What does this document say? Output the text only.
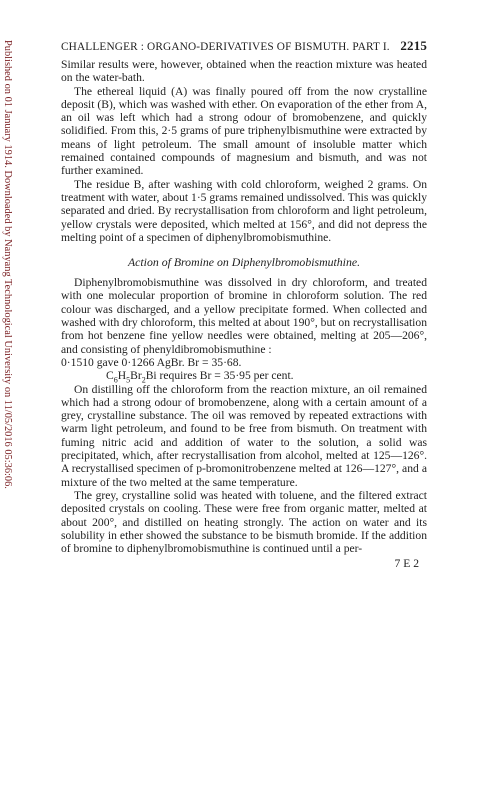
Published on 01 January 1914. Downloaded by Nanyang Technological University on 11/05/2016 05:36:06.	CHALLENGER : ORGANO-DERIVATIVES OF BISMUTH. PART I. 2215

Similar results were, however, obtained when the reaction mixture was heated on the water-bath.

The ethereal liquid (A) was finally poured off from the now crystalline deposit (B), which was washed with ether. On evaporation of the ether from A, an oil was left which had a strong odour of bromobenzene, and quickly solidified. From this, 2·5 grams of pure triphenylbismuthine were extracted by means of light petroleum. The small amount of insoluble matter which remained contained compounds of magnesium and bismuth, and was not further examined.

The residue B, after washing with cold chloroform, weighed 2 grams. On treatment with water, about 1·5 grams remained undissolved. This was quickly separated and dried. By recrystallisation from chloroform and light petroleum, yellow crystals were deposited, which melted at 156°, and did not depress the melting point of a specimen of diphenylbromobismuthine.

Action of Bromine on Diphenylbromobismuthine.

Diphenylbromobismuthine was dissolved in dry chloroform, and treated with one molecular proportion of bromine in chloroform solution. The red colour was discharged, and a yellow precipitate formed. When collected and washed with dry chloroform, this melted at about 190°, but on recrystallisation from hot benzene fine yellow needles were obtained, melting at 205—206°, and consisting of phenyldibromobismuthine :

0·1510 gave 0·1266 AgBr. Br = 35·68.
$C_6H_5Br_2Bi$ requires Br = 35·95 per cent.

On distilling off the chloroform from the reaction mixture, an oil remained which had a strong odour of bromobenzene, along with a certain amount of a grey, crystalline substance. The oil was removed by repeated extractions with warm light petroleum, and found to be free from bismuth. On treatment with fuming nitric acid and addition of water to the solution, a solid was precipitated, which, after recrystallisation from alcohol, melted at 125—126°. A recrystallised specimen of p-bromonitrobenzene melted at 126—127°, and a mixture of the two melted at the same temperature.

The grey, crystalline solid was heated with toluene, and the filtered extract deposited crystals on cooling. These were free from organic matter, melted at about 200°, and distilled on heating strongly. The action on water and its solubility in ether showed the substance to be bismuth bromide. If the addition of bromine to diphenylbromobismuthine is continued until a per-

7 E 2
